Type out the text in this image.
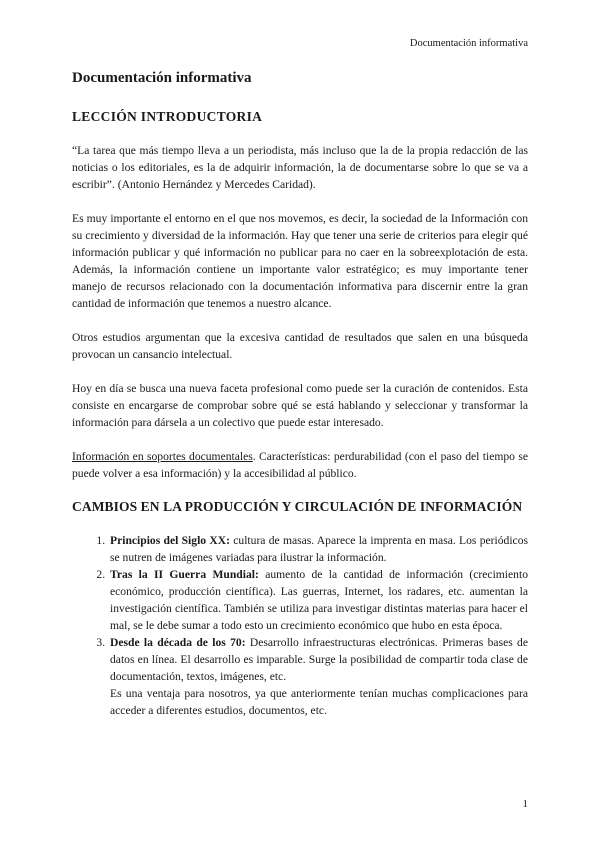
Documentación informativa
Documentación informativa
LECCIÓN INTRODUCTORIA

“La tarea que más tiempo lleva a un periodista, más incluso que la de la propia redacción de las noticias o los editoriales, es la de adquirir información, la de documentarse sobre lo que se va a escribir”. (Antonio Hernández y Mercedes Caridad).

Es muy importante el entorno en el que nos movemos, es decir, la sociedad de la Información con su crecimiento y diversidad de la información. Hay que tener una serie de criterios para elegir qué información publicar y qué información no publicar para no caer en la sobreexplotación de esta. Además, la información contiene un importante valor estratégico; es muy importante tener manejo de recursos relacionado con la documentación informativa para discernir entre la gran cantidad de información que tenemos a nuestro alcance.

Otros estudios argumentan que la excesiva cantidad de resultados que salen en una búsqueda provocan un cansancio intelectual.

Hoy en día se busca una nueva faceta profesional como puede ser la curación de contenidos. Esta consiste en encargarse de comprobar sobre qué se está hablando y seleccionar y transformar la información para dársela a un colectivo que puede estar interesado.

Información en soportes documentales. Características: perdurabilidad (con el paso del tiempo se puede volver a esa información) y la accesibilidad al público.

CAMBIOS EN LA PRODUCCIÓN Y CIRCULACIÓN DE INFORMACIÓN
1. Principios del Siglo XX: cultura de masas. Aparece la imprenta en masa. Los periódicos se nutren de imágenes variadas para ilustrar la información.
2. Tras la II Guerra Mundial: aumento de la cantidad de información (crecimiento económico, producción científica). Las guerras, Internet, los radares, etc. aumentan la investigación científica. También se utiliza para investigar distintas materias para hacer el mal, se le debe sumar a todo esto un crecimiento económico que hubo en esta época.
3. Desde la década de los 70: Desarrollo infraestructuras electrónicas. Primeras bases de datos en línea. El desarrollo es imparable. Surge la posibilidad de compartir toda clase de documentación, textos, imágenes, etc.
Es una ventaja para nosotros, ya que anteriormente tenían muchas complicaciones para acceder a diferentes estudios, documentos, etc.
1
